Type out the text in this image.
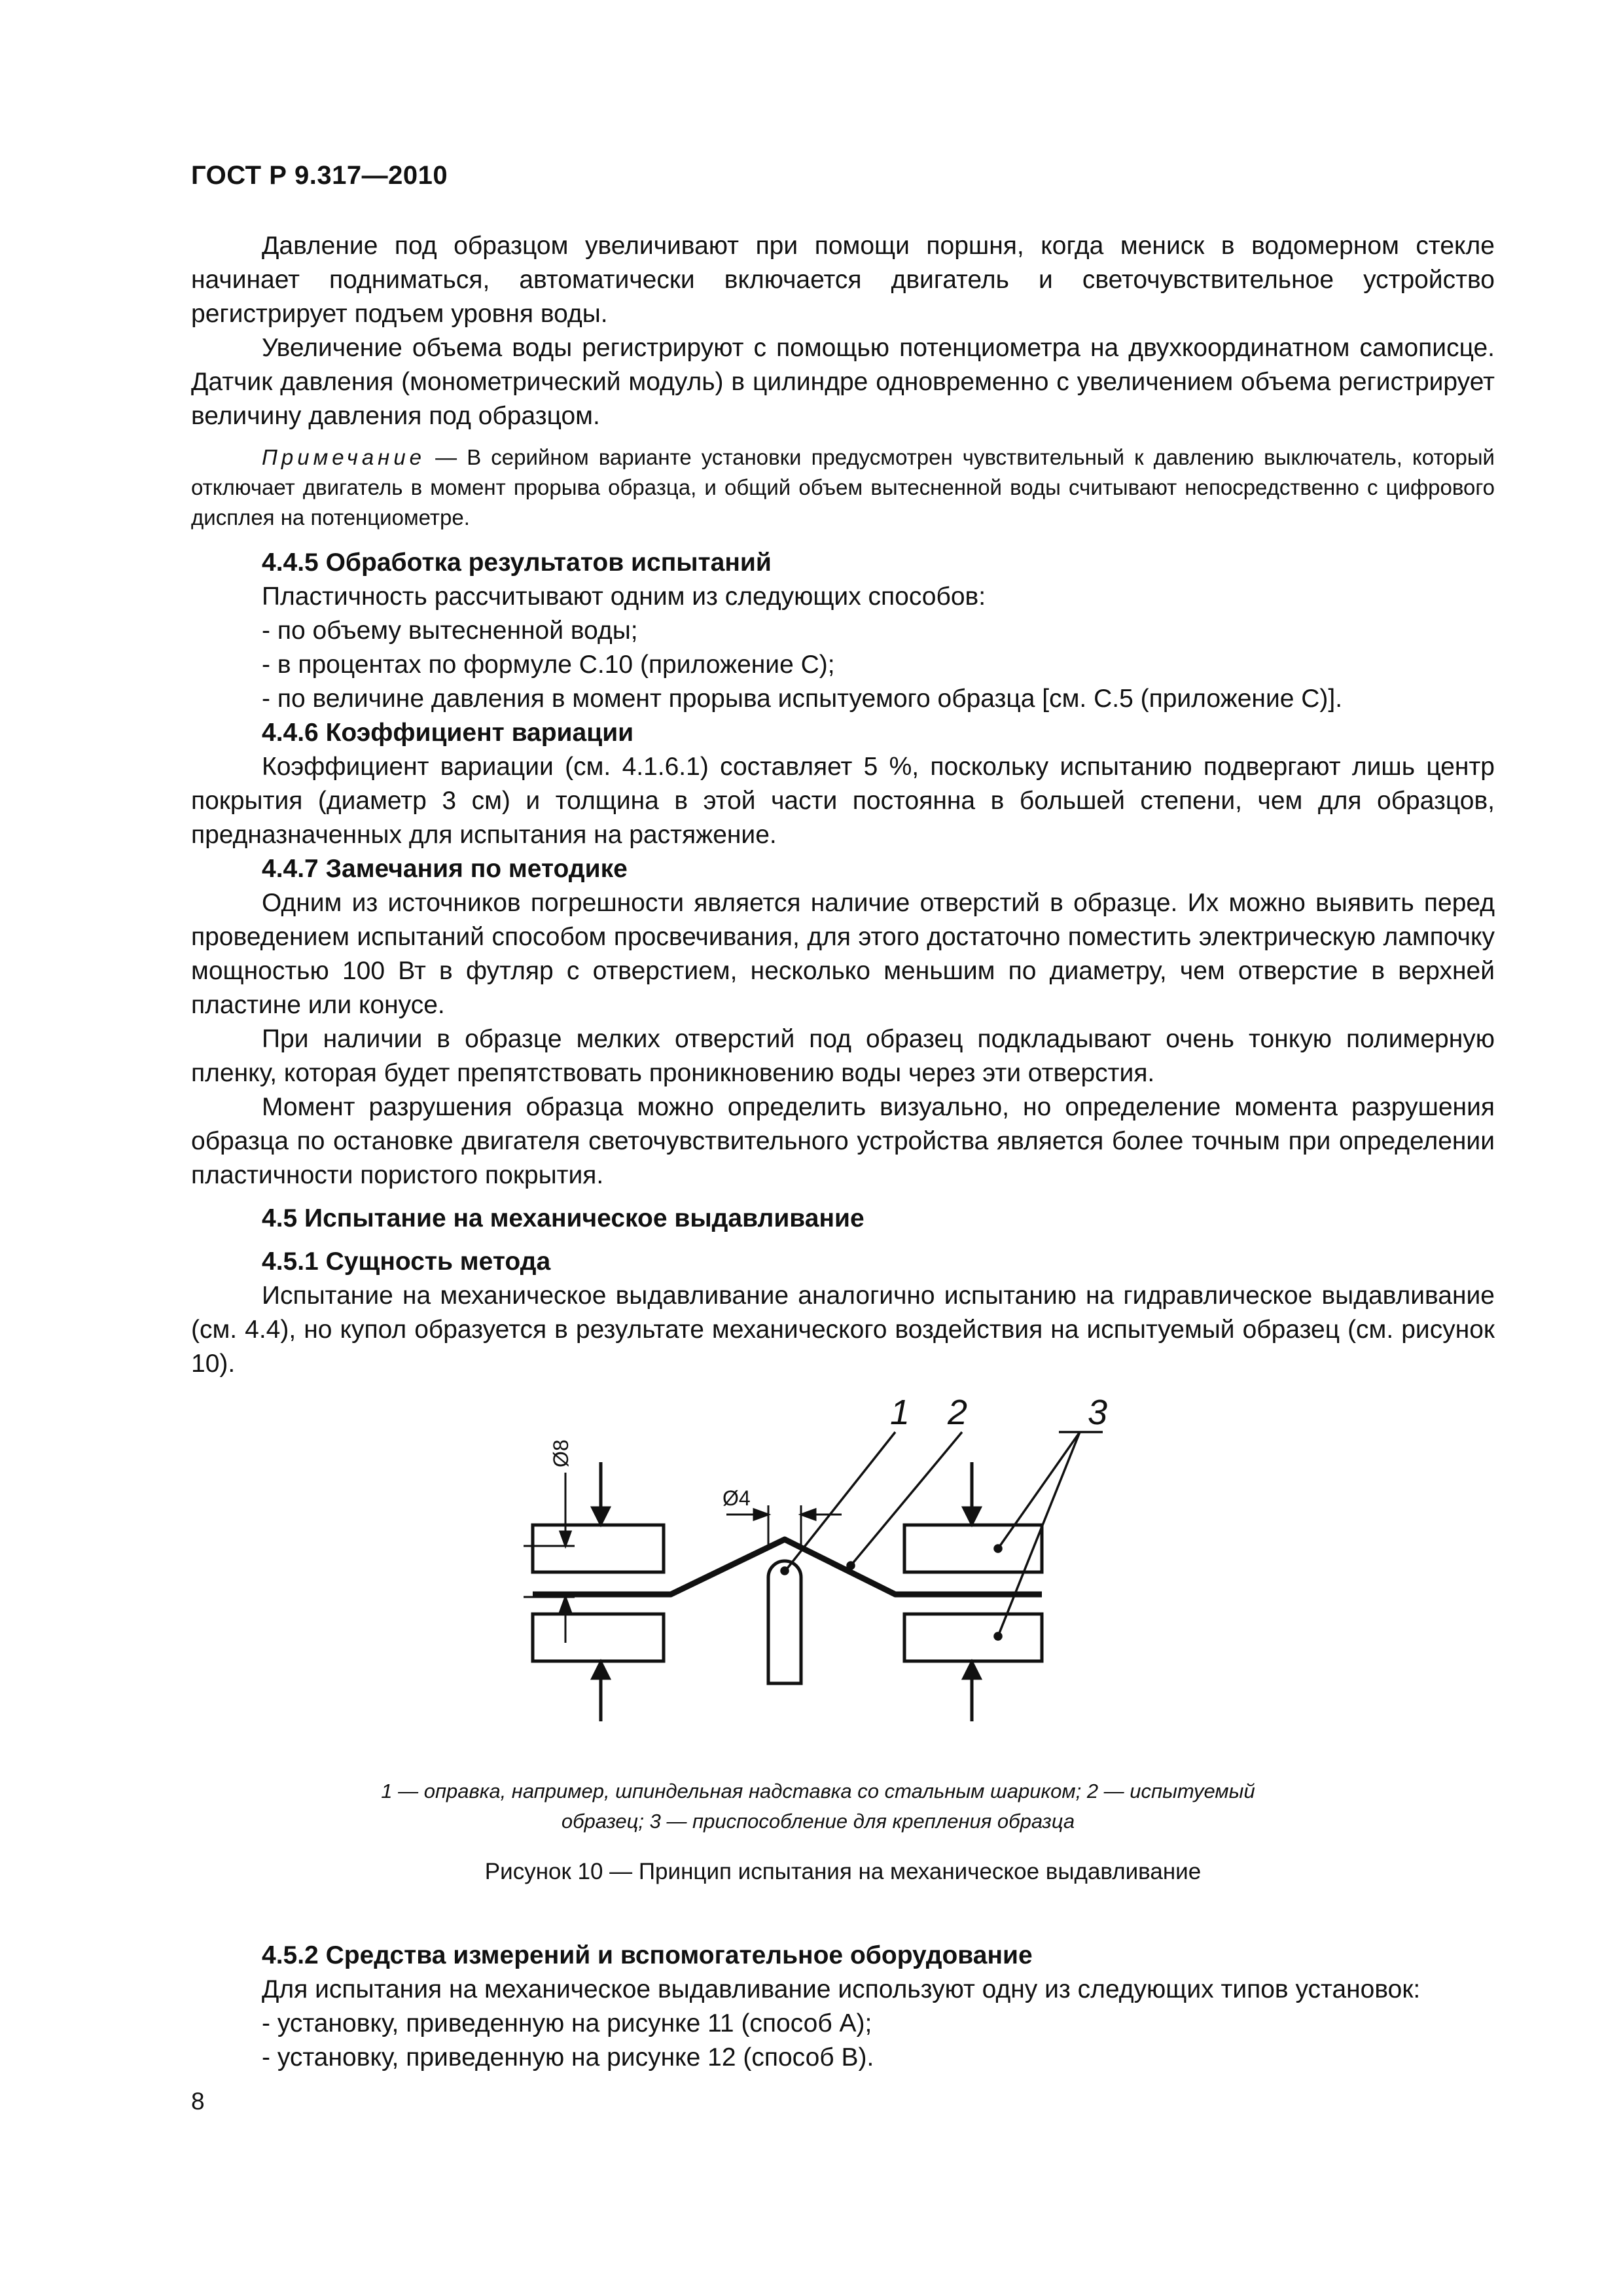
ГОСТ Р 9.317—2010
Давление под образцом увеличивают при помощи поршня, когда мениск в водомерном стекле начинает подниматься, автоматически включается двигатель и светочувствительное устройство регистрирует подъем уровня воды.
Увеличение объема воды регистрируют с помощью потенциометра на двухкоординатном самописце. Датчик давления (монометрический модуль) в цилиндре одновременно с увеличением объема регистрирует величину давления под образцом.
Примечание — В серийном варианте установки предусмотрен чувствительный к давлению выключатель, который отключает двигатель в момент прорыва образца, и общий объем вытесненной воды считывают непосредственно с цифрового дисплея на потенциометре.
4.4.5 Обработка результатов испытаний
Пластичность рассчитывают одним из следующих способов:
- по объему вытесненной воды;
- в процентах по формуле С.10 (приложение С);
- по величине давления в момент прорыва испытуемого образца [см. С.5 (приложение С)].
4.4.6 Коэффициент вариации
Коэффициент вариации (см. 4.1.6.1) составляет 5 %, поскольку испытанию подвергают лишь центр покрытия (диаметр 3 см) и толщина в этой части постоянна в большей степени, чем для образцов, предназначенных для испытания на растяжение.
4.4.7 Замечания по методике
Одним из источников погрешности является наличие отверстий в образце. Их можно выявить перед проведением испытаний способом просвечивания, для этого достаточно поместить электрическую лампочку мощностью 100 Вт в футляр с отверстием, несколько меньшим по диаметру, чем отверстие в верхней пластине или конусе.
При наличии в образце мелких отверстий под образец подкладывают очень тонкую полимерную пленку, которая будет препятствовать проникновению воды через эти отверстия.
Момент разрушения образца можно определить визуально, но определение момента разрушения образца по остановке двигателя светочувствительного устройства является более точным при определении пластичности пористого покрытия.
4.5 Испытание на механическое выдавливание
4.5.1 Сущность метода
Испытание на механическое выдавливание аналогично испытанию на гидравлическое выдавливание (см. 4.4), но купол образуется в результате механического воздействия на испытуемый образец (см. рисунок 10).
Ø8
Ø4
1 2	3
1 — оправка, например, шпиндельная надставка со стальным шариком; 2 — испытуемый образец; 3 — приспособление для крепления образца
Рисунок 10 — Принцип испытания на механическое выдавливание
4.5.2 Средства измерений и вспомогательное оборудование
Для испытания на механическое выдавливание используют одну из следующих типов установок:
- установку, приведенную на рисунке 11 (способ А);
- установку, приведенную на рисунке 12 (способ В).
8
